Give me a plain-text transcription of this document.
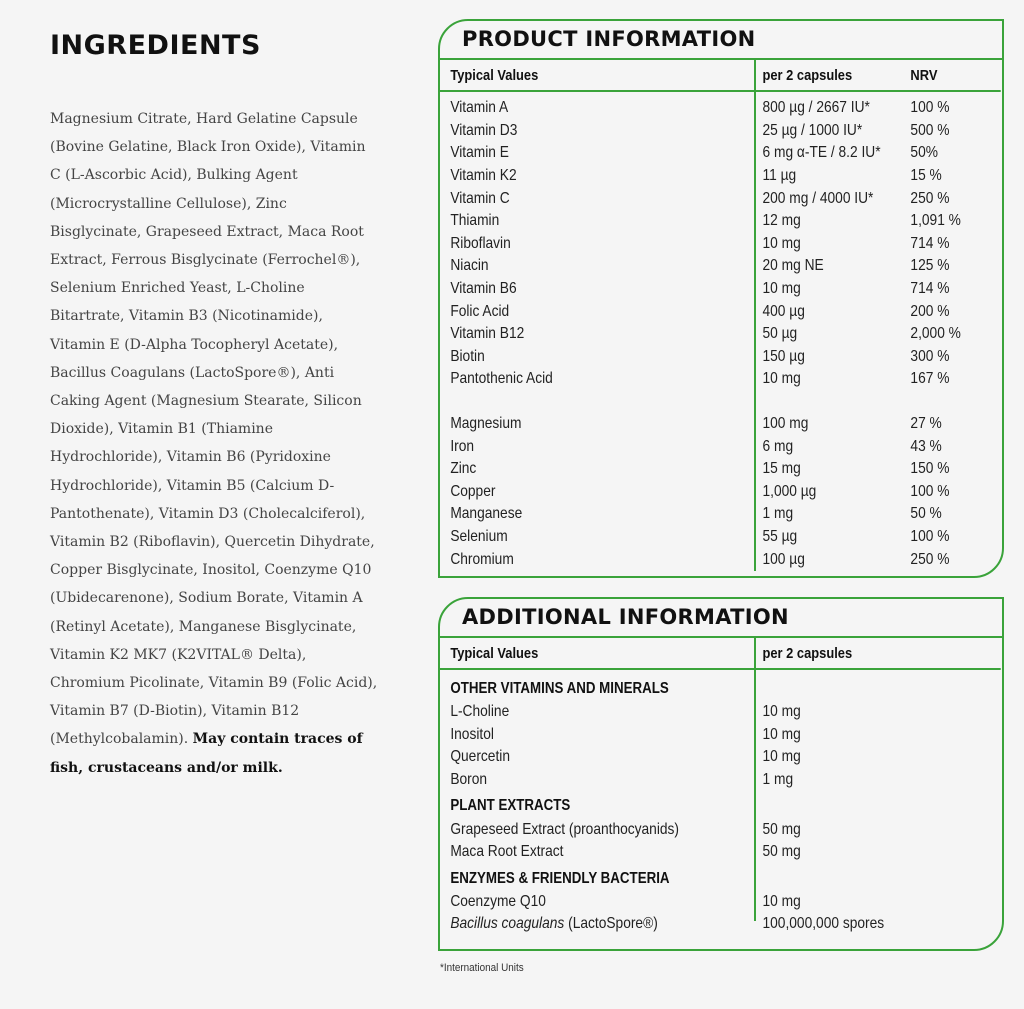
INGREDIENTS

Magnesium Citrate, Hard Gelatine Capsule (Bovine Gelatine, Black Iron Oxide), Vitamin C (L-Ascorbic Acid), Bulking Agent (Microcrystalline Cellulose), Zinc Bisglycinate, Grapeseed Extract, Maca Root Extract, Ferrous Bisglycinate (Ferrochel®), Selenium Enriched Yeast, L-Choline Bitartrate, Vitamin B3 (Nicotinamide), Vitamin E (D-Alpha Tocopheryl Acetate), Bacillus Coagulans (LactoSpore®), Anti Caking Agent (Magnesium Stearate, Silicon Dioxide), Vitamin B1 (Thiamine Hydrochloride), Vitamin B6 (Pyridoxine Hydrochloride), Vitamin B5 (Calcium D-Pantothenate), Vitamin D3 (Cholecalciferol), Vitamin B2 (Riboflavin), Quercetin Dihydrate, Copper Bisglycinate, Inositol, Coenzyme Q10 (Ubidecarenone), Sodium Borate, Vitamin A (Retinyl Acetate), Manganese Bisglycinate, Vitamin K2 MK7 (K2VITAL® Delta), Chromium Picolinate, Vitamin B9 (Folic Acid), Vitamin B7 (D-Biotin), Vitamin B12 (Methylcobalamin). May contain traces of fish, crustaceans and/or milk.

PRODUCT INFORMATION
Typical Values	per 2 capsules	NRV
Vitamin A	800 µg / 2667 IU*	100 %
Vitamin D3	25 µg / 1000 IU*	500 %
Vitamin E	6 mg α-TE / 8.2 IU*	50%
Vitamin K2	11 µg	15 %
Vitamin C	200 mg / 4000 IU*	250 %
Thiamin	12 mg	1,091 %
Riboflavin	10 mg	714 %
Niacin	20 mg NE	125 %
Vitamin B6	10 mg	714 %
Folic Acid	400 µg	200 %
Vitamin B12	50 µg	2,000 %
Biotin	150 µg	300 %
Pantothenic Acid	10 mg	167 %
Magnesium	100 mg	27 %
Iron	6 mg	43 %
Zinc	15 mg	150 %
Copper	1,000 µg	100 %
Manganese	1 mg	50 %
Selenium	55 µg	100 %
Chromium	100 µg	250 %
ADDITIONAL INFORMATION
Typical Values	per 2 capsules
OTHER VITAMINS AND MINERALS
L-Choline	10 mg
Inositol	10 mg
Quercetin	10 mg
Boron	1 mg
PLANT EXTRACTS
Grapeseed Extract (proanthocyanids)	50 mg
Maca Root Extract	50 mg
ENZYMES & FRIENDLY BACTERIA
Coenzyme Q10	10 mg
Bacillus coagulans (LactoSpore®)	100,000,000 spores
*International Units
